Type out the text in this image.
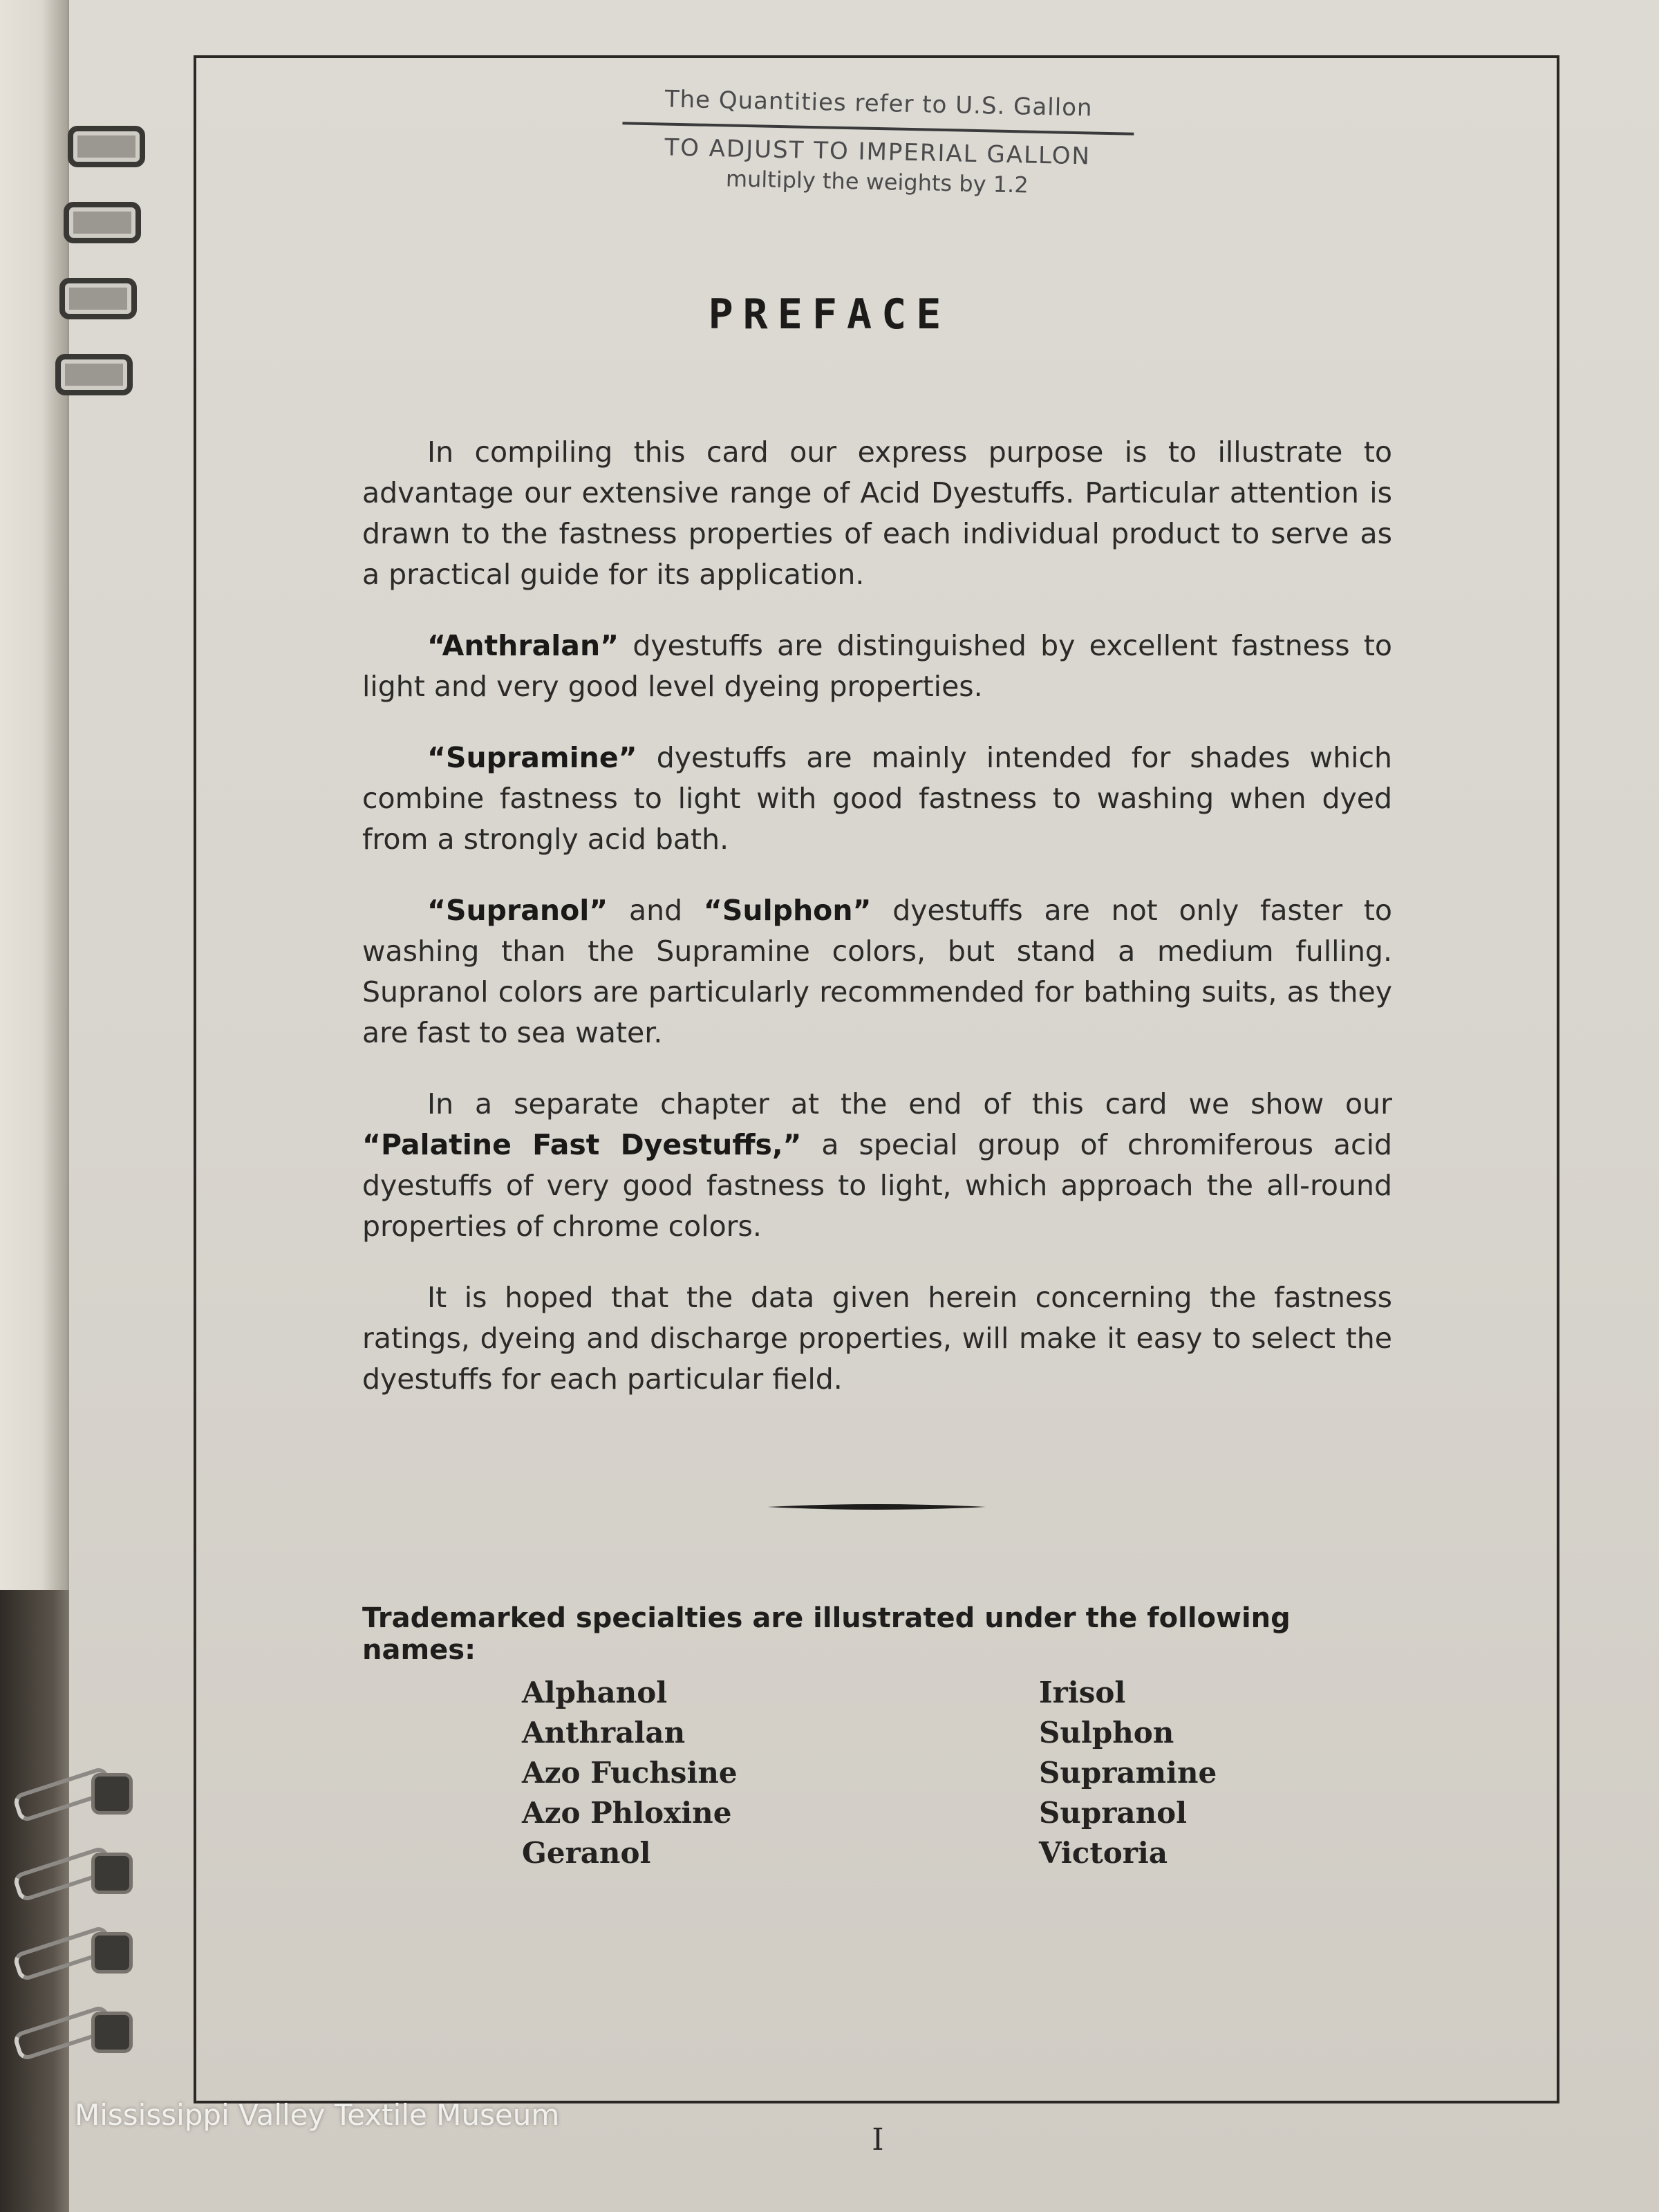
The Quantities refer to U.S. Gallon
TO ADJUST TO IMPERIAL GALLON
multiply the weights by 1.2
PREFACE

In compiling this card our express purpose is to illustrate to advantage our extensive range of Acid Dyestuffs. Particular attention is drawn to the fastness properties of each individual product to serve as a practical guide for its application.

“Anthralan” dyestuffs are distinguished by excellent fastness to light and very good level dyeing properties.

“Supramine” dyestuffs are mainly intended for shades which combine fastness to light with good fastness to washing when dyed from a strongly acid bath.

“Supranol” and “Sulphon” dyestuffs are not only faster to washing than the Supramine colors, but stand a medium fulling. Supranol colors are particularly recommended for bathing suits, as they are fast to sea water.

In a separate chapter at the end of this card we show our “Palatine Fast Dyestuffs,” a special group of chromiferous acid dyestuffs of very good fastness to light, which approach the all-round properties of chrome colors.

It is hoped that the data given herein concerning the fastness ratings, dyeing and discharge properties, will make it easy to select the dyestuffs for each particular field.

Trademarked specialties are illustrated under the following names:
Alphanol
Anthralan
Azo Fuchsine
Azo Phloxine
Geranol
Irisol
Sulphon
Supramine
Supranol
Victoria
Mississippi Valley Textile Museum
I
